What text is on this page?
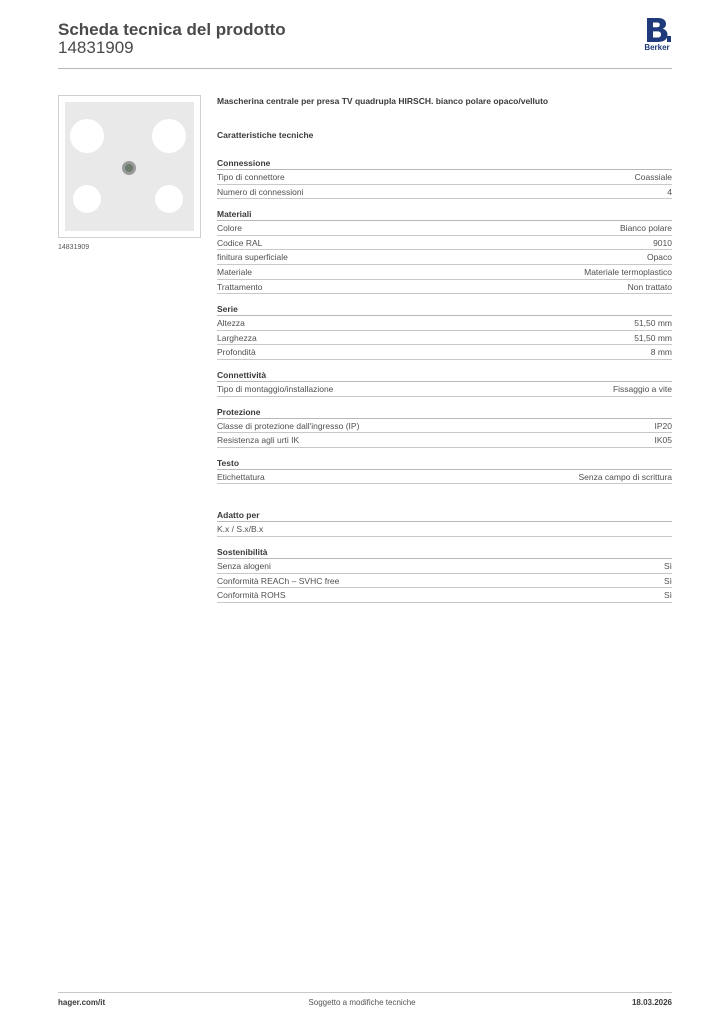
Scheda tecnica del prodotto
14831909	Berker
14831909
Mascherina centrale per presa TV quadrupla HIRSCH. bianco polare opaco/velluto
Caratteristiche tecniche
Connessione
Tipo di connettore	Coassiale
Numero di connessioni	4
Materiali
Colore	Bianco polare
Codice RAL	9010
finitura superficiale	Opaco
Materiale	Materiale termoplastico
Trattamento	Non trattato
Serie
Altezza	51,50 mm
Larghezza	51,50 mm
Profondità	8 mm
Connettività
Tipo di montaggio/installazione	Fissaggio a vite
Protezione
Classe di protezione dall'ingresso (IP)	IP20
Resistenza agli urti IK	IK05
Testo
Etichettatura	Senza campo di scrittura
Adatto per
K.x / S.x/B.x
Sostenibilità
Senza alogeni	Sì
Conformità REACh – SVHC free	Sì
Conformità ROHS	Sì
hager.com/it	Soggetto a modifiche tecniche	18.03.2026
